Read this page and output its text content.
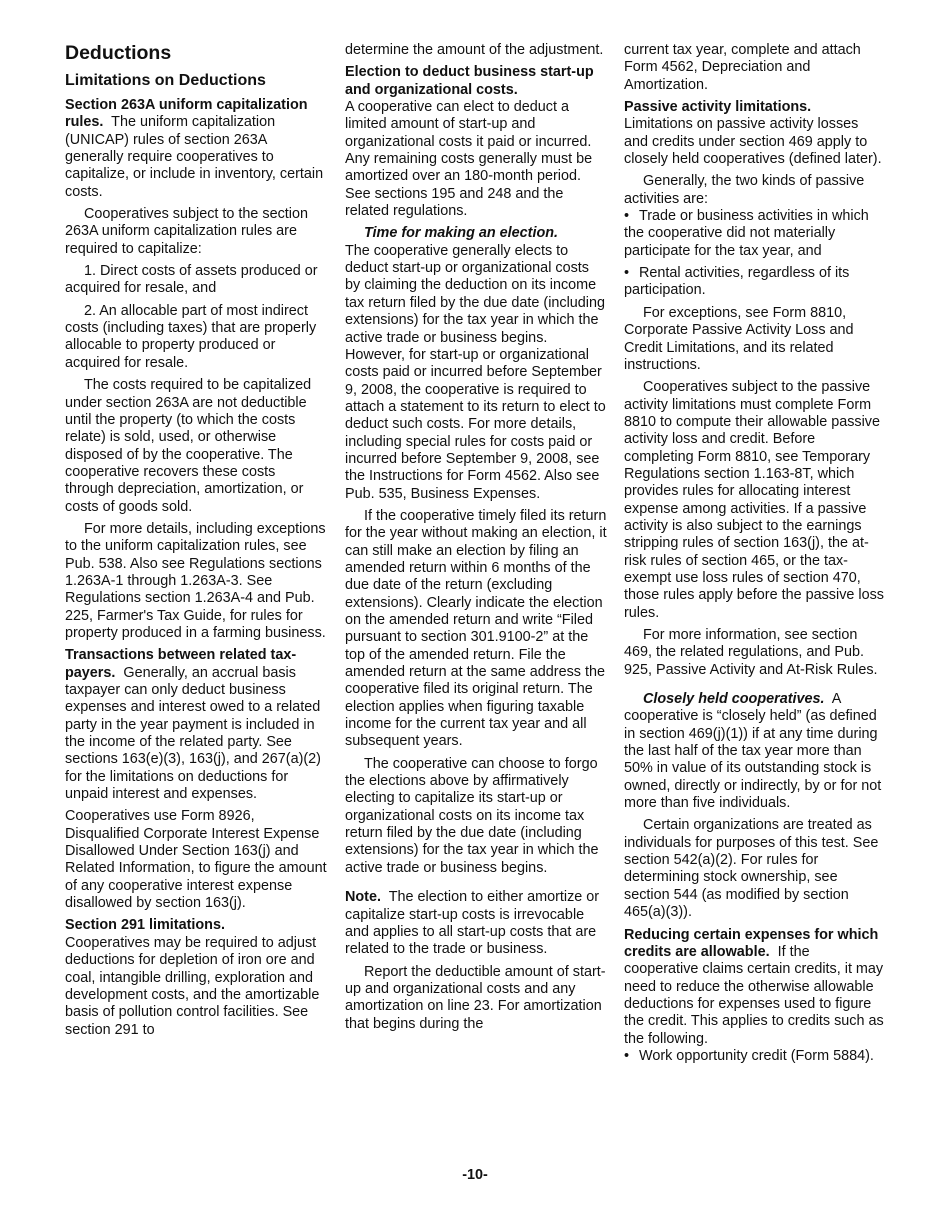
Deductions
Limitations on Deductions

Section 263A uniform capitalization rules. The uniform capitalization (UNICAP) rules of section 263A generally require cooperatives to capitalize, or include in inventory, certain costs.

Cooperatives subject to the section 263A uniform capitalization rules are required to capitalize:

1. Direct costs of assets produced or acquired for resale, and

2. An allocable part of most indirect costs (including taxes) that are properly allocable to property produced or acquired for resale.

The costs required to be capitalized under section 263A are not deductible until the property (to which the costs relate) is sold, used, or otherwise disposed of by the cooperative. The cooperative recovers these costs through depreciation, amortization, or costs of goods sold.

For more details, including exceptions to the uniform capitalization rules, see Pub. 538. Also see Regulations sections 1.263A-1 through 1.263A-3. See Regulations section 1.263A-4 and Pub. 225, Farmer's Tax Guide, for rules for property produced in a farming business.

Transactions between related taxpayers. Generally, an accrual basis taxpayer can only deduct business expenses and interest owed to a related party in the year payment is included in the income of the related party. See sections 163(e)(3), 163(j), and 267(a)(2) for the limitations on deductions for unpaid interest and expenses.

Cooperatives use Form 8926, Disqualified Corporate Interest Expense Disallowed Under Section 163(j) and Related Information, to figure the amount of any cooperative interest expense disallowed by section 163(j).

Section 291 limitations.
Cooperatives may be required to adjust deductions for depletion of iron ore and coal, intangible drilling, exploration and development costs, and the amortizable basis of pollution control facilities. See section 291 to

determine the amount of the adjustment.

Election to deduct business start-up and organizational costs.
A cooperative can elect to deduct a limited amount of start-up and organizational costs it paid or incurred. Any remaining costs generally must be amortized over an 180-month period. See sections 195 and 248 and the related regulations.

Time for making an election.
The cooperative generally elects to deduct start-up or organizational costs by claiming the deduction on its income tax return filed by the due date (including extensions) for the tax year in which the active trade or business begins. However, for start-up or organizational costs paid or incurred before September 9, 2008, the cooperative is required to attach a statement to its return to elect to deduct such costs. For more details, including special rules for costs paid or incurred before September 9, 2008, see the Instructions for Form 4562. Also see Pub. 535, Business Expenses.

If the cooperative timely filed its return for the year without making an election, it can still make an election by filing an amended return within 6 months of the due date of the return (excluding extensions). Clearly indicate the election on the amended return and write “Filed pursuant to section 301.9100-2” at the top of the amended return. File the amended return at the same address the cooperative filed its original return. The election applies when figuring taxable income for the current tax year and all subsequent years.

The cooperative can choose to forgo the elections above by affirmatively electing to capitalize its start-up or organizational costs on its income tax return filed by the due date (including extensions) for the tax year in which the active trade or business begins.

Note. The election to either amortize or capitalize start-up costs is irrevocable and applies to all start-up costs that are related to the trade or business.

Report the deductible amount of start-up and organizational costs and any amortization on line 23. For amortization that begins during the

current tax year, complete and attach Form 4562, Depreciation and Amortization.

Passive activity limitations.
Limitations on passive activity losses and credits under section 469 apply to closely held cooperatives (defined later).

Generally, the two kinds of passive activities are:

• Trade or business activities in which the cooperative did not materially participate for the tax year, and

• Rental activities, regardless of its participation.

For exceptions, see Form 8810, Corporate Passive Activity Loss and Credit Limitations, and its related instructions.

Cooperatives subject to the passive activity limitations must complete Form 8810 to compute their allowable passive activity loss and credit. Before completing Form 8810, see Temporary Regulations section 1.163-8T, which provides rules for allocating interest expense among activities. If a passive activity is also subject to the earnings stripping rules of section 163(j), the at-risk rules of section 465, or the tax-exempt use loss rules of section 470, those rules apply before the passive loss rules.

For more information, see section 469, the related regulations, and Pub. 925, Passive Activity and At-Risk Rules.

Closely held cooperatives. A cooperative is “closely held” (as defined in section 469(j)(1)) if at any time during the last half of the tax year more than 50% in value of its outstanding stock is owned, directly or indirectly, by or for not more than five individuals.

Certain organizations are treated as individuals for purposes of this test. See section 542(a)(2). For rules for determining stock ownership, see section 544 (as modified by section 465(a)(3)).

Reducing certain expenses for which credits are allowable. If the cooperative claims certain credits, it may need to reduce the otherwise allowable deductions for expenses used to figure the credit. This applies to credits such as the following.

• Work opportunity credit (Form 5884).

-10-
